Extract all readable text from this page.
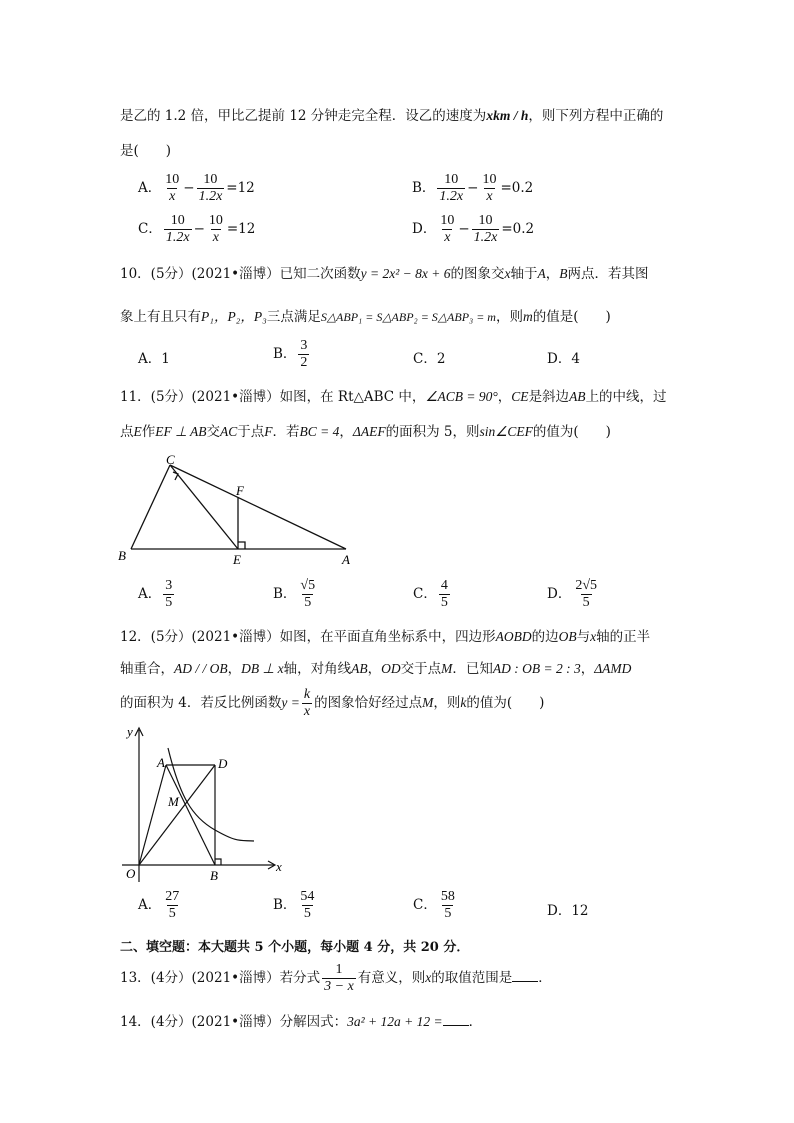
是乙的 1.2 倍，甲比乙提前 12 分钟走完全程．设乙的速度为xkm / h，则下列方程中正确的
是(　　)
A． $\frac{10}{x} - \frac{10}{1.2x} =12$	B． $\frac{10}{1.2x} - \frac{10}{x} =0.2$
C． $\frac{10}{1.2x} - \frac{10}{x} =12$	D． $\frac{10}{x} - \frac{10}{1.2x} =0.2$
10．(5分）(2021•淄博）已知二次函数y = 2x² − 8x + 6的图象交x轴于A，B两点．若其图
象上有且只有P₁，P₂，P₃三点满足S△ABP₁ = S△ABP₂ = S△ABP₃ = m，则m的值是(　　)
A．1	B． $\frac{3}{2}$	C．2	D．4
11．(5分）(2021•淄博）如图，在 Rt△ABC 中，∠ACB = 90°，CE是斜边AB上的中线，过
点E作EF ⊥ AB交AC于点F．若BC = 4，ΔAEF的面积为 5，则sin∠CEF的值为(　　)
C
F
B	E	A
A． $\frac{3}{5}$	B． $\frac{√5}{5}$	C． $\frac{4}{5}$	D． $\frac{2√5}{5}$
12．(5分）(2021•淄博）如图，在平面直角坐标系中，四边形AOBD的边OB与x轴的正半
轴重合，AD / / OB，DB ⊥ x轴，对角线AB，OD交于点M．已知AD : OB = 2 : 3，ΔAMD
的面积为 4．若反比例函数$y = \frac{k}{x}$ 的图象恰好经过点M，则k的值为(　　)
y
x
A	D
M
O	B
A． $\frac{27}{5}$	B． $\frac{54}{5}$	C． $\frac{58}{5}$	D．12
二、填空题：本大题共 5 个小题，每小题 4 分，共 20 分．
13．(4分）(2021•淄博）若分式 $\frac{1}{3 - x}$ 有意义，则x的取值范围是 ．
14．(4分）(2021•淄博）分解因式：3a² + 12a + 12 = ．
